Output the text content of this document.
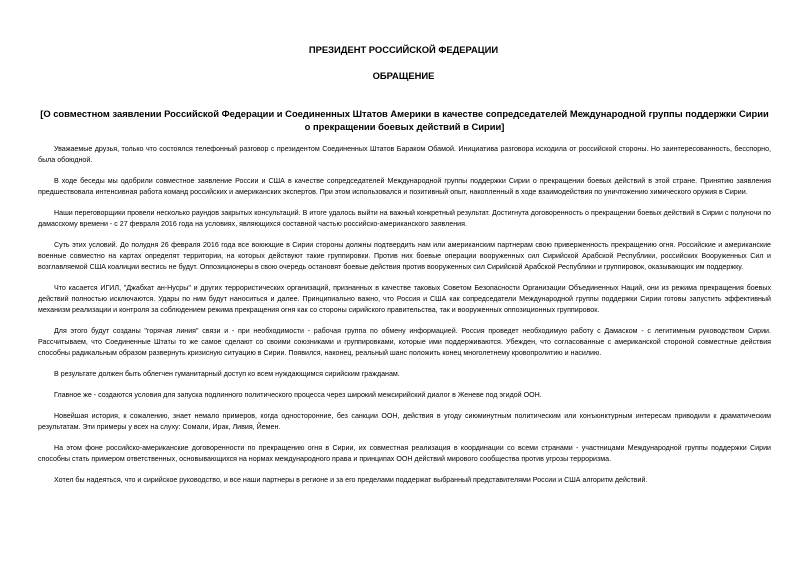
ПРЕЗИДЕНТ РОССИЙСКОЙ ФЕДЕРАЦИИ
ОБРАЩЕНИЕ
[О совместном заявлении Российской Федерации и Соединенных Штатов Америки в качестве сопредседателей Международной группы поддержки Сирии о прекращении боевых действий в Сирии]

Уважаемые друзья, только что состоялся телефонный разговор с президентом Соединенных Штатов Бараком Обамой. Инициатива разговора исходила от российской стороны. Но заинтересованность, бесспорно, была обоюдной.

В ходе беседы мы одобрили совместное заявление России и США в качестве сопредседателей Международной группы поддержки Сирии о прекращении боевых действий в этой стране. Принятию заявления предшествовала интенсивная работа команд российских и американских экспертов. При этом использовался и позитивный опыт, накопленный в ходе взаимодействия по уничтожению химического оружия в Сирии.

Наши переговорщики провели несколько раундов закрытых консультаций. В итоге удалось выйти на важный конкретный результат. Достигнута договоренность о прекращении боевых действий в Сирии с полуночи по дамасскому времени - с 27 февраля 2016 года на условиях, являющихся составной частью российско-американского заявления.

Суть этих условий. До полудня 26 февраля 2016 года все воюющие в Сирии стороны должны подтвердить нам или американским партнерам свою приверженность прекращению огня. Российские и американские военные совместно на картах определят территории, на которых действуют такие группировки. Против них боевые операции вооруженных сил Сирийской Арабской Республики, российских Вооруженных Сил и возглавляемой США коалиции вестись не будут. Оппозиционеры в свою очередь остановят боевые действия против вооруженных сил Сирийской Арабской Республики и группировок, оказывающих им поддержку.

Что касается ИГИЛ, "Джабхат ан-Нусры" и других террористических организаций, признанных в качестве таковых Советом Безопасности Организации Объединенных Наций, они из режима прекращения боевых действий полностью исключаются. Удары по ним будут наноситься и далее. Принципиально важно, что Россия и США как сопредседатели Международной группы поддержки Сирии готовы запустить эффективный механизм реализации и контроля за соблюдением режима прекращения огня как со стороны сирийского правительства, так и вооруженных оппозиционных группировок.

Для этого будут созданы "горячая линия" связи и - при необходимости - рабочая группа по обмену информацией. Россия проведет необходимую работу с Дамаском - с легитимным руководством Сирии. Рассчитываем, что Соединенные Штаты то же самое сделают со своими союзниками и группировками, которые ими поддерживаются. Убежден, что согласованные с американской стороной совместные действия способны радикальным образом развернуть кризисную ситуацию в Сирии. Появился, наконец, реальный шанс положить конец многолетнему кровопролитию и насилию.

В результате должен быть облегчен гуманитарный доступ ко всем нуждающимся сирийским гражданам.

Главное же - создаются условия для запуска подлинного политического процесса через широкий межсирийский диалог в Женеве под эгидой ООН.

Новейшая история, к сожалению, знает немало примеров, когда односторонние, без санкции ООН, действия в угоду сиюминутным политическим или конъюнктурным интересам приводили к драматическим результатам. Эти примеры у всех на слуху: Сомали, Ирак, Ливия, Йемен.

На этом фоне российско-американские договоренности по прекращению огня в Сирии, их совместная реализация в координации со всеми странами - участницами Международной группы поддержки Сирии способны стать примером ответственных, основывающихся на нормах международного права и принципах ООН действий мирового сообщества против угрозы терроризма.

Хотел бы надеяться, что и сирийское руководство, и все наши партнеры в регионе и за его пределами поддержат выбранный представителями России и США алгоритм действий.
